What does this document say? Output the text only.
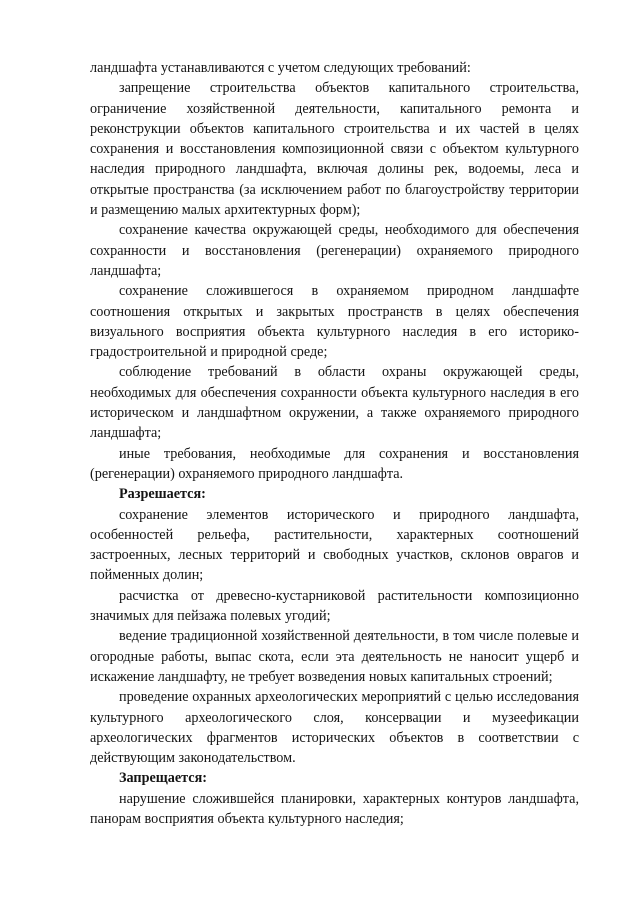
ландшафта устанавливаются с учетом следующих требований:

запрещение строительства объектов капитального строительства, ограничение хозяйственной деятельности, капитального ремонта и реконструкции объектов капитального строительства и их частей в целях сохранения и восстановления композиционной связи с объектом культурного наследия природного ландшафта, включая долины рек, водоемы, леса и открытые пространства (за исключением работ по благоустройству территории и размещению малых архитектурных форм);

сохранение качества окружающей среды, необходимого для обеспечения сохранности и восстановления (регенерации) охраняемого природного ландшафта;

сохранение сложившегося в охраняемом природном ландшафте соотношения открытых и закрытых пространств в целях обеспечения визуального восприятия объекта культурного наследия в его историко-градостроительной и природной среде;

соблюдение требований в области охраны окружающей среды, необходимых для обеспечения сохранности объекта культурного наследия в его историческом и ландшафтном окружении, а также охраняемого природного ландшафта;

иные требования, необходимые для сохранения и восстановления (регенерации) охраняемого природного ландшафта.

Разрешается:

сохранение элементов исторического и природного ландшафта, особенностей рельефа, растительности, характерных соотношений застроенных, лесных территорий и свободных участков, склонов оврагов и пойменных долин;

расчистка от древесно-кустарниковой растительности композиционно значимых для пейзажа полевых угодий;

ведение традиционной хозяйственной деятельности, в том числе полевые и огородные работы, выпас скота, если эта деятельность не наносит ущерб и искажение ландшафту, не требует возведения новых капитальных строений;

проведение охранных археологических мероприятий с целью исследования культурного археологического слоя, консервации и музеефикации археологических фрагментов исторических объектов в соответствии с действующим законодательством.

Запрещается:

нарушение сложившейся планировки, характерных контуров ландшафта, панорам восприятия объекта культурного наследия;
